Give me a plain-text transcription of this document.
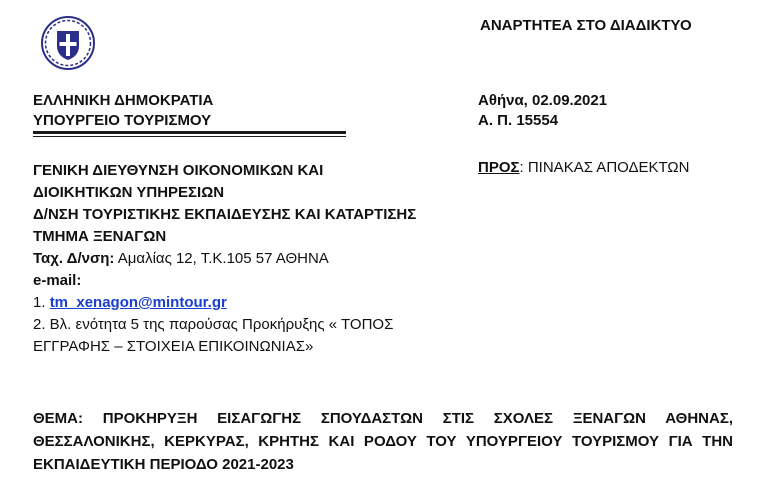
ΑΝΑΡΤΗΤΕΑ ΣΤΟ ΔΙΑΔΙΚΤΥΟ
Αθήνα, 02.09.2021
Α. Π. 15554
ΠΡΟΣ: ΠΙΝΑΚΑΣ ΑΠΟΔΕΚΤΩΝ
ΕΛΛΗΝΙΚΗ ΔΗΜΟΚΡΑΤΙΑ
ΥΠΟΥΡΓΕΙΟ ΤΟΥΡΙΣΜΟΥ
ΓΕΝΙΚΗ ΔΙΕΥΘΥΝΣΗ ΟΙΚΟΝΟΜΙΚΩΝ ΚΑΙ
ΔΙΟΙΚΗΤΙΚΩΝ ΥΠΗΡΕΣΙΩΝ
Δ/ΝΣΗ ΤΟΥΡΙΣΤΙΚΗΣ ΕΚΠΑΙΔΕΥΣΗΣ ΚΑΙ ΚΑΤΑΡΤΙΣΗΣ
ΤΜΗΜΑ ΞΕΝΑΓΩΝ
Ταχ. Δ/νση: Αμαλίας 12, Τ.Κ.105 57 ΑΘΗΝΑ
e-mail:
1. tm_xenagon@mintour.gr
2. Βλ. ενότητα 5 της παρούσας Προκήρυξης « ΤΟΠΟΣ
ΕΓΓΡΑΦΗΣ – ΣΤΟΙΧΕΙΑ ΕΠΙΚΟΙΝΩΝΙΑΣ»
ΘΕΜΑ: ΠΡΟΚΗΡΥΞΗ ΕΙΣΑΓΩΓΗΣ ΣΠΟΥΔΑΣΤΩΝ ΣΤΙΣ ΣΧΟΛΕΣ ΞΕΝΑΓΩΝ ΑΘΗΝΑΣ,
ΘΕΣΣΑΛΟΝΙΚΗΣ, ΚΕΡΚΥΡΑΣ, ΚΡΗΤΗΣ ΚΑΙ ΡΟΔΟΥ ΤΟΥ ΥΠΟΥΡΓΕΙΟΥ ΤΟΥΡΙΣΜΟΥ ΓΙΑ ΤΗΝ
ΕΚΠΑΙΔΕΥΤΙΚΗ ΠΕΡΙΟΔΟ 2021-2023
